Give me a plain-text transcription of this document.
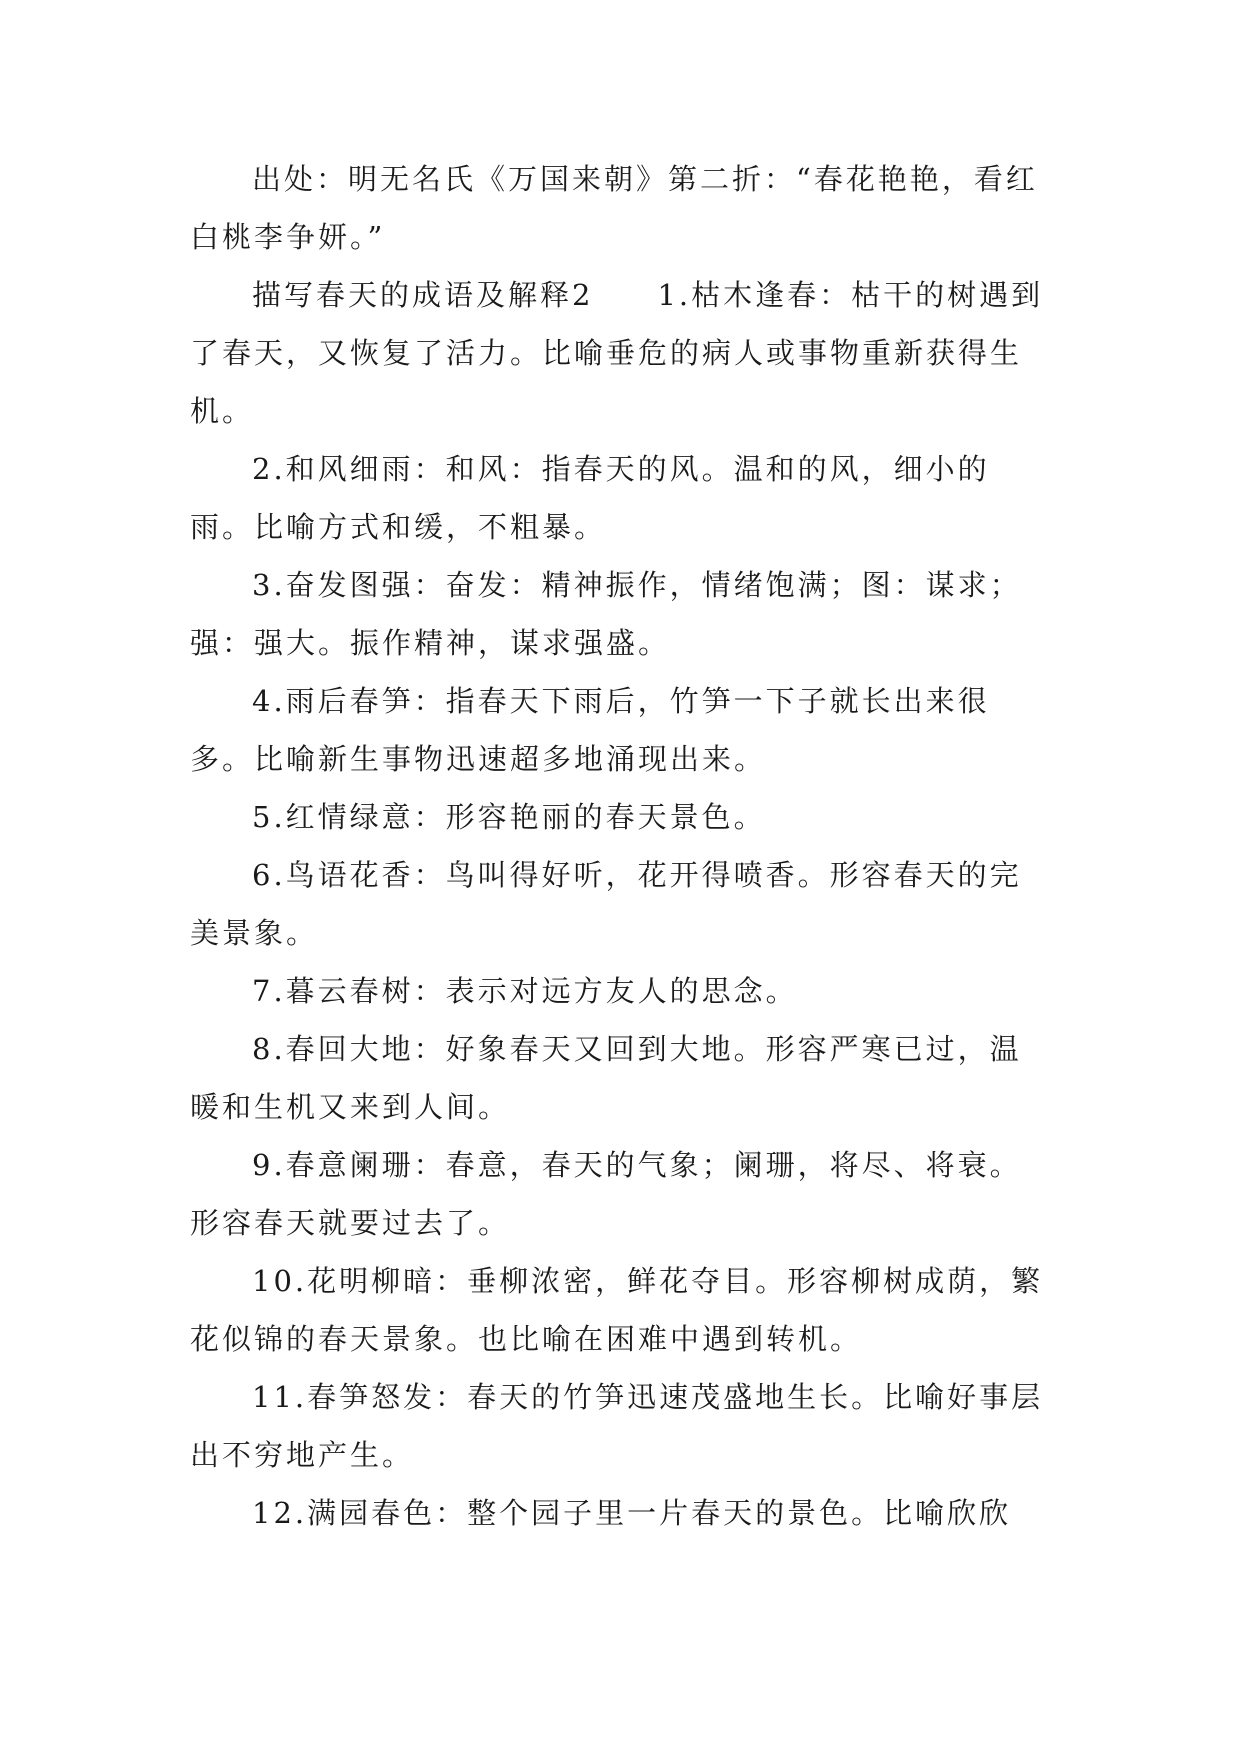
出处：明无名氏《万国来朝》第二折：“春花艳艳，看红白桃李争妍。”

描写春天的成语及解释2　　1.枯木逢春：枯干的树遇到了春天，又恢复了活力。比喻垂危的病人或事物重新获得生机。

2.和风细雨：和风：指春天的风。温和的风，细小的雨。比喻方式和缓，不粗暴。

3.奋发图强：奋发：精神振作，情绪饱满；图：谋求；强：强大。振作精神，谋求强盛。

4.雨后春笋：指春天下雨后，竹笋一下子就长出来很多。比喻新生事物迅速超多地涌现出来。

5.红情绿意：形容艳丽的春天景色。

6.鸟语花香：鸟叫得好听，花开得喷香。形容春天的完美景象。

7.暮云春树：表示对远方友人的思念。

8.春回大地：好象春天又回到大地。形容严寒已过，温暖和生机又来到人间。

9.春意阑珊：春意，春天的气象；阑珊，将尽、将衰。形容春天就要过去了。

10.花明柳暗：垂柳浓密，鲜花夺目。形容柳树成荫，繁花似锦的春天景象。也比喻在困难中遇到转机。

11.春笋怒发：春天的竹笋迅速茂盛地生长。比喻好事层出不穷地产生。

12.满园春色：整个园子里一片春天的景色。比喻欣欣
